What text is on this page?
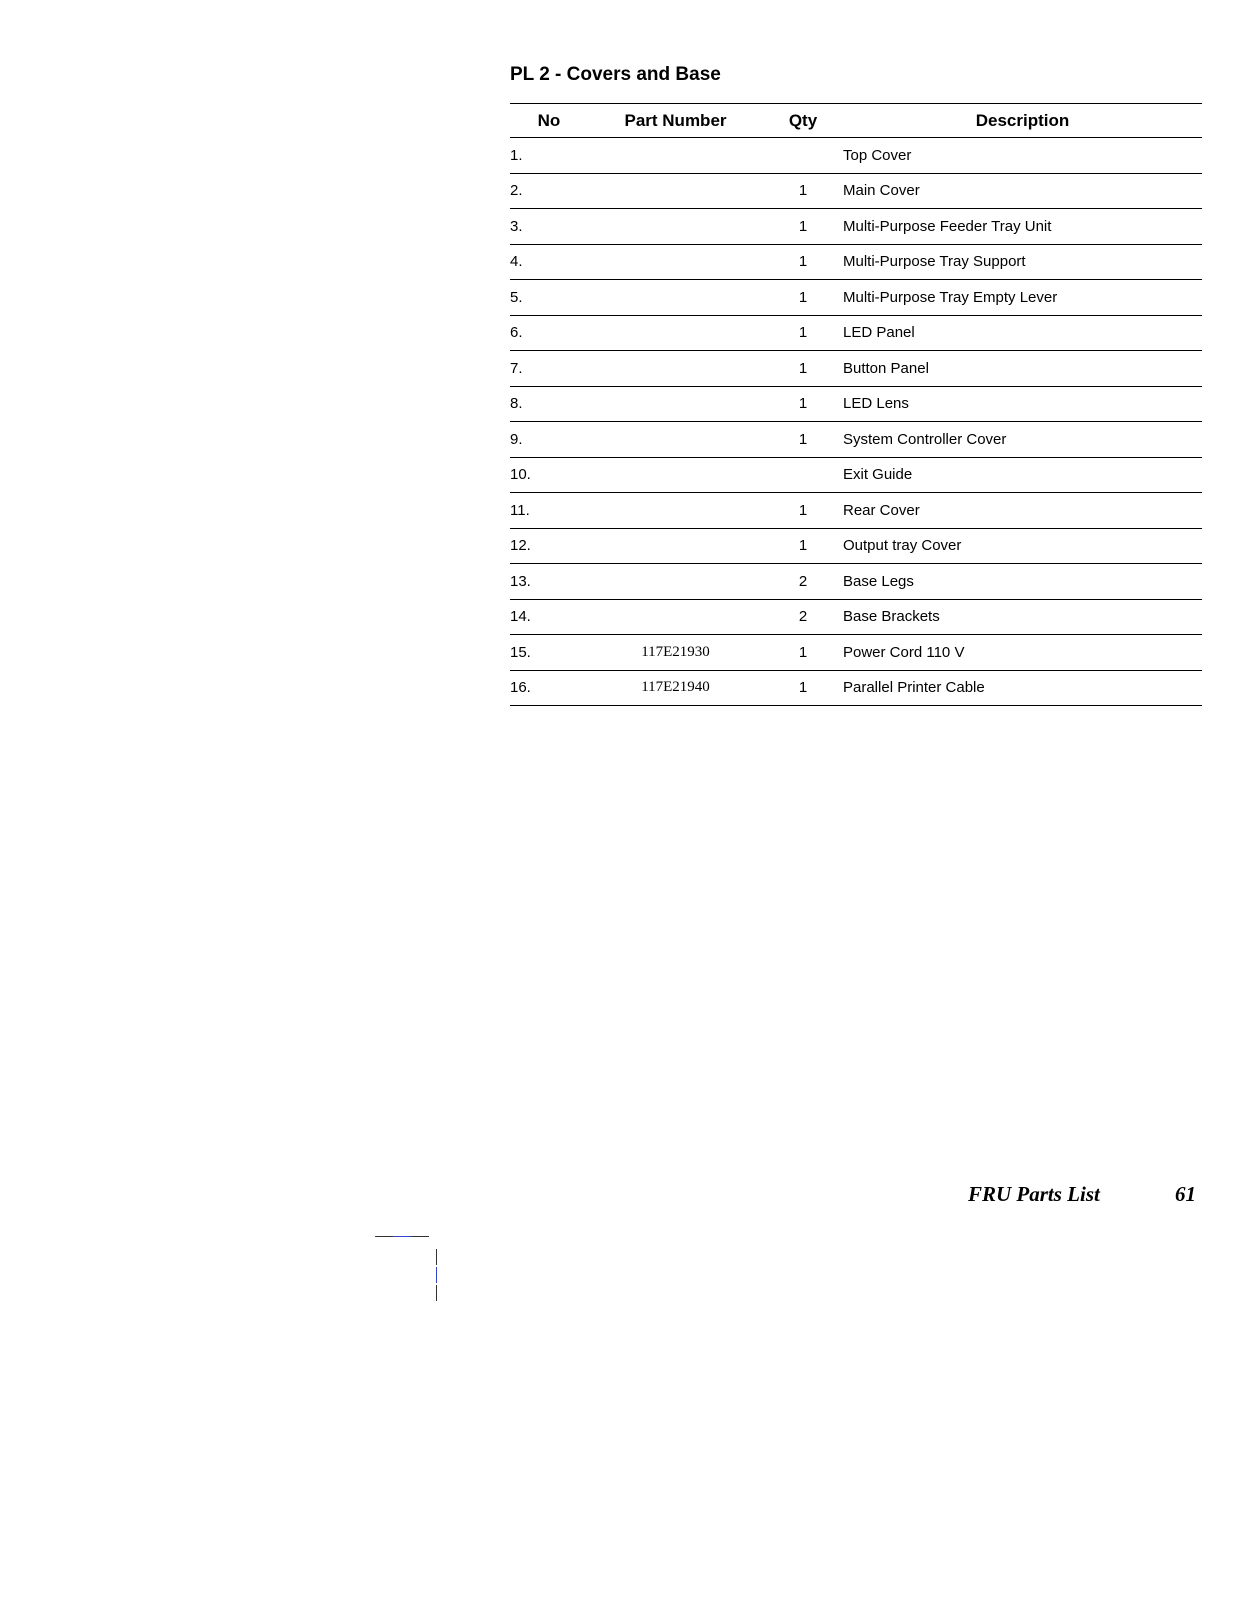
PL 2 - Covers and Base
No	Part Number	Qty	Description
1.			Top Cover
2.		1	Main Cover
3.		1	Multi-Purpose Feeder Tray Unit
4.		1	Multi-Purpose Tray Support
5.		1	Multi-Purpose Tray Empty Lever
6.		1	LED Panel
7.		1	Button Panel
8.		1	LED Lens
9.		1	System Controller Cover
10.			Exit Guide
11.		1	Rear Cover
12.		1	Output tray Cover
13.		2	Base Legs
14.		2	Base Brackets
15.	117E21930	1	Power Cord 110 V
16.	117E21940	1	Parallel Printer Cable
FRU Parts List	61
